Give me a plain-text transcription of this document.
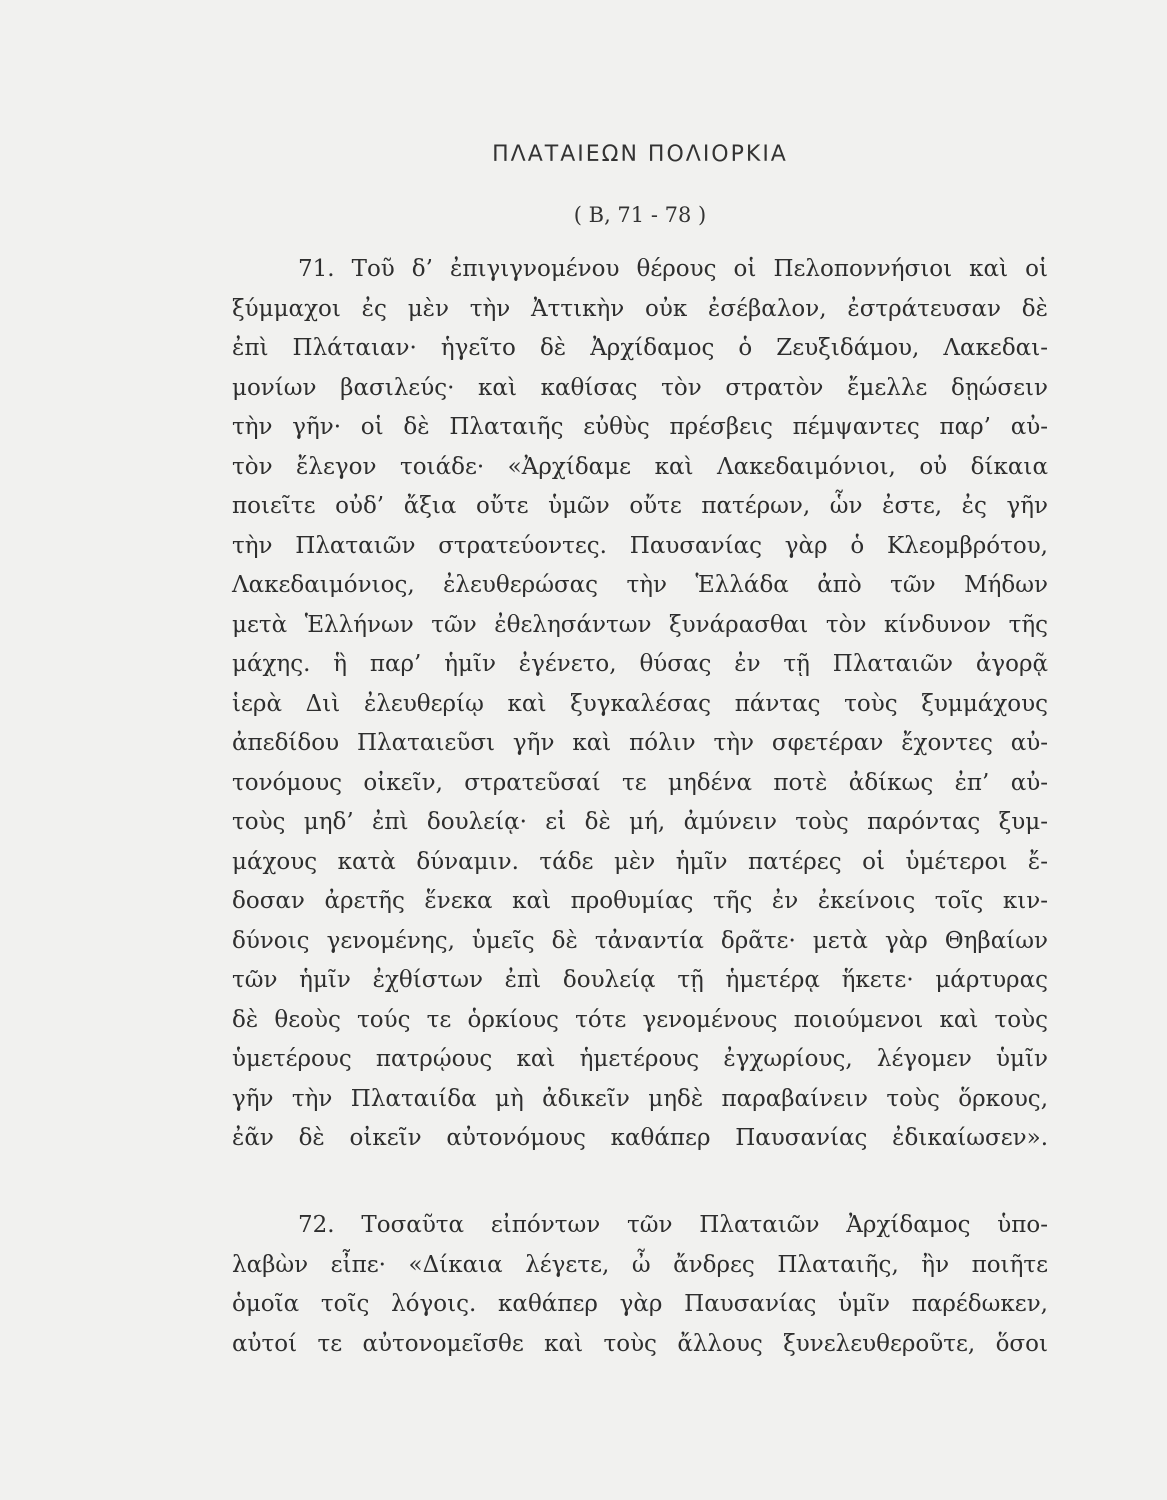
ΠΛΑΤΑΙΕΩΝ ΠΟΛΙΟΡΚΙΑ
( Β, 71 - 78 )
71. Τοῦ δ’ ἐπιγιγνομένου θέρους οἱ Πελοποννήσιοι καὶ οἱ
ξύμμαχοι ἐς μὲν τὴν Ἀττικὴν οὐκ ἐσέβαλον, ἐστράτευσαν δὲ
ἐπὶ Πλάταιαν· ἡγεῖτο δὲ Ἀρχίδαμος ὁ Ζευξιδάμου, Λακεδαι-
μονίων βασιλεύς· καὶ καθίσας τὸν στρατὸν ἔμελλε δῃώσειν
τὴν γῆν· οἱ δὲ Πλαταιῆς εὐθὺς πρέσβεις πέμψαντες παρ’ αὐ-
τὸν ἔλεγον τοιάδε· «Ἀρχίδαμε καὶ Λακεδαιμόνιοι, οὐ δίκαια
ποιεῖτε οὐδ’ ἄξια οὔτε ὑμῶν οὔτε πατέρων, ὧν ἐστε, ἐς γῆν
τὴν Πλαταιῶν στρατεύοντες. Παυσανίας γὰρ ὁ Κλεομβρότου,
Λακεδαιμόνιος, ἐλευθερώσας τὴν Ἑλλάδα ἀπὸ τῶν Μήδων
μετὰ Ἑλλήνων τῶν ἐθελησάντων ξυνάρασθαι τὸν κίνδυνον τῆς
μάχης. ἣ παρ’ ἡμῖν ἐγένετο, θύσας ἐν τῇ Πλαταιῶν ἀγορᾷ
ἱερὰ Διὶ ἐλευθερίῳ καὶ ξυγκαλέσας πάντας τοὺς ξυμμάχους
ἀπεδίδου Πλαταιεῦσι γῆν καὶ πόλιν τὴν σφετέραν ἔχοντες αὐ-
τονόμους οἰκεῖν, στρατεῦσαί τε μηδένα ποτὲ ἀδίκως ἐπ’ αὐ-
τοὺς μηδ’ ἐπὶ δουλείᾳ· εἰ δὲ μή, ἀμύνειν τοὺς παρόντας ξυμ-
μάχους κατὰ δύναμιν. τάδε μὲν ἡμῖν πατέρες οἱ ὑμέτεροι ἔ-
δοσαν ἀρετῆς ἕνεκα καὶ προθυμίας τῆς ἐν ἐκείνοις τοῖς κιν-
δύνοις γενομένης, ὑμεῖς δὲ τἀναντία δρᾶτε· μετὰ γὰρ Θηβαίων
τῶν ἡμῖν ἐχθίστων ἐπὶ δουλείᾳ τῇ ἡμετέρᾳ ἥκετε· μάρτυρας
δὲ θεοὺς τούς τε ὁρκίους τότε γενομένους ποιούμενοι καὶ τοὺς
ὑμετέρους πατρῴους καὶ ἡμετέρους ἐγχωρίους, λέγομεν ὑμῖν
γῆν τὴν Πλαταιίδα μὴ ἀδικεῖν μηδὲ παραβαίνειν τοὺς ὅρκους,
ἐᾶν δὲ οἰκεῖν αὐτονόμους καθάπερ Παυσανίας ἐδικαίωσεν».
72. Τοσαῦτα εἰπόντων τῶν Πλαταιῶν Ἀρχίδαμος ὑπο-
λαβὼν εἶπε· «Δίκαια λέγετε, ὦ ἄνδρες Πλαταιῆς, ἢν ποιῆτε
ὁμοῖα τοῖς λόγοις. καθάπερ γὰρ Παυσανίας ὑμῖν παρέδωκεν,
αὐτοί τε αὐτονομεῖσθε καὶ τοὺς ἄλλους ξυνελευθεροῦτε, ὅσοι
